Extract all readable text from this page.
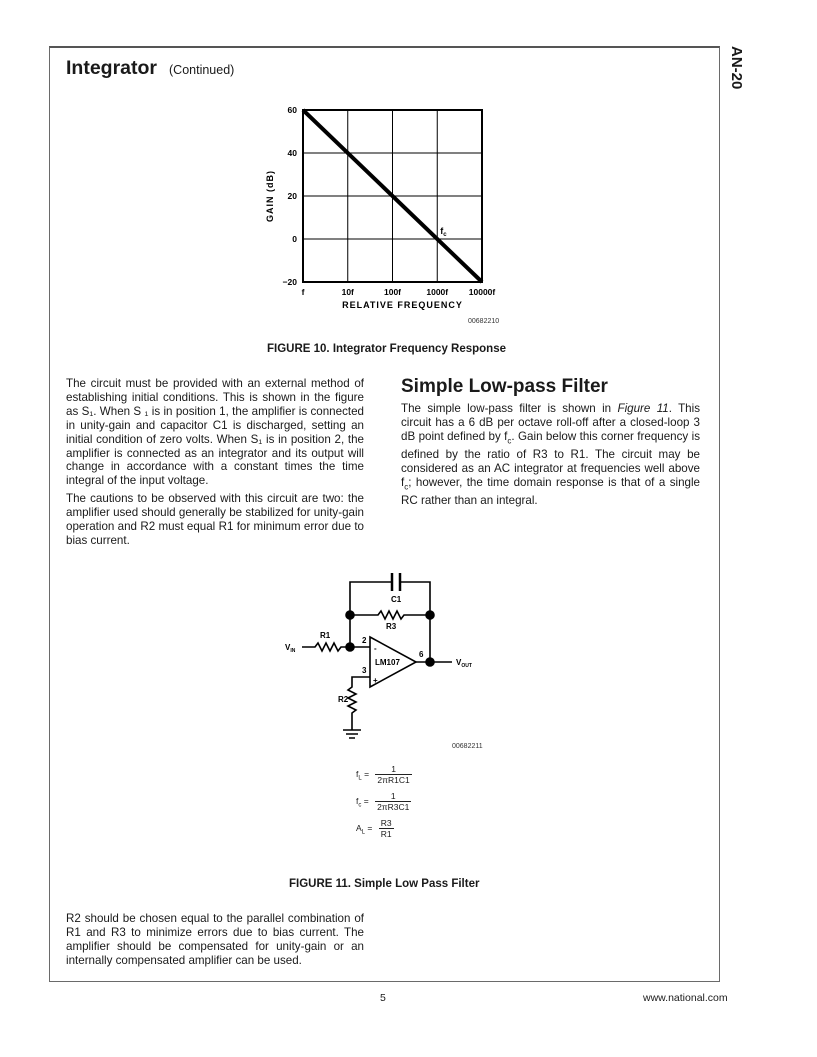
AN-20
Integrator (Continued)
f	10f	100f	1000f 10000f
60
40
20
0
−20
$f_c$
GAIN (dB)
RELATIVE FREQUENCY
00682210
FIGURE 10. Integrator Frequency Response

The circuit must be provided with an external method of establishing initial conditions. This is shown in the figure as S₁. When S ₁ is in position 1, the amplifier is connected in unity-gain and capacitor C1 is discharged, setting an initial condition of zero volts. When S₁ is in position 2, the amplifier is connected as an integrator and its output will change in accordance with a constant times the time integral of the input voltage.

The cautions to be observed with this circuit are two: the amplifier used should generally be stabilized for unity-gain operation and R2 must equal R1 for minimum error due to bias current.

Simple Low-pass Filter

The simple low-pass filter is shown in Figure 11. This circuit has a 6 dB per octave roll-off after a closed-loop 3 dB point defined by $f_c$. Gain below this corner frequency is defined by the ratio of R3 to R1. The circuit may be considered as an AC integrator at frequencies well above $f_c$; however, the time domain response is that of a single RC rather than an integral.

C1
R3
R1
R2
LM107
2
3
6
-
+
$V_{IN}$
$V_{OUT}$
00682211
$f_L = \frac{1}{2\pi R1C1}$
$f_c = \frac{1}{2\pi R3C1}$
$A_L = \frac{R3}{R1}$
FIGURE 11. Simple Low Pass Filter
R2 should be chosen equal to the parallel combination of R1 and R3 to minimize errors due to bias current. The amplifier should be compensated for unity-gain or an internally compensated amplifier can be used.
5	www.national.com
